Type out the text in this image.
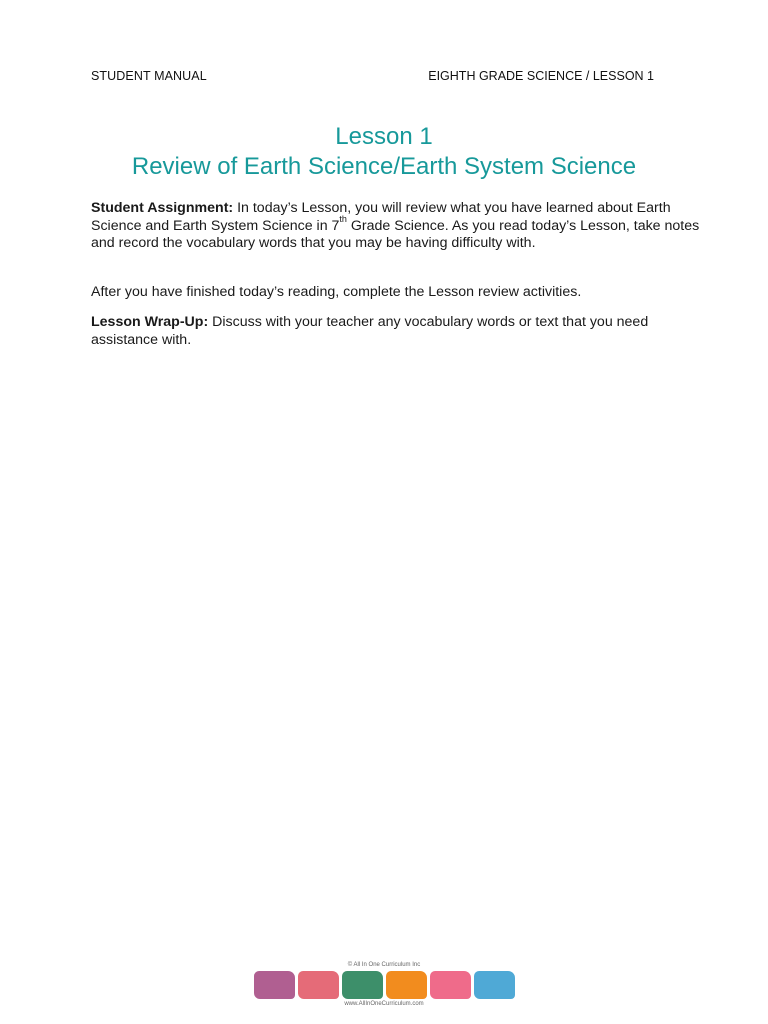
STUDENT MANUAL	EIGHTH GRADE SCIENCE / LESSON 1
Lesson 1
Review of Earth Science/Earth System Science

Student Assignment: In today’s Lesson, you will review what you have learned about Earth Science and Earth System Science in 7th Grade Science. As you read today’s Lesson, take notes and record the vocabulary words that you may be having difficulty with.

After you have finished today’s reading, complete the Lesson review activities.

Lesson Wrap-Up: Discuss with your teacher any vocabulary words or text that you need assistance with.

© All In One Curriculum Inc
www.AllInOneCurriculum.com
